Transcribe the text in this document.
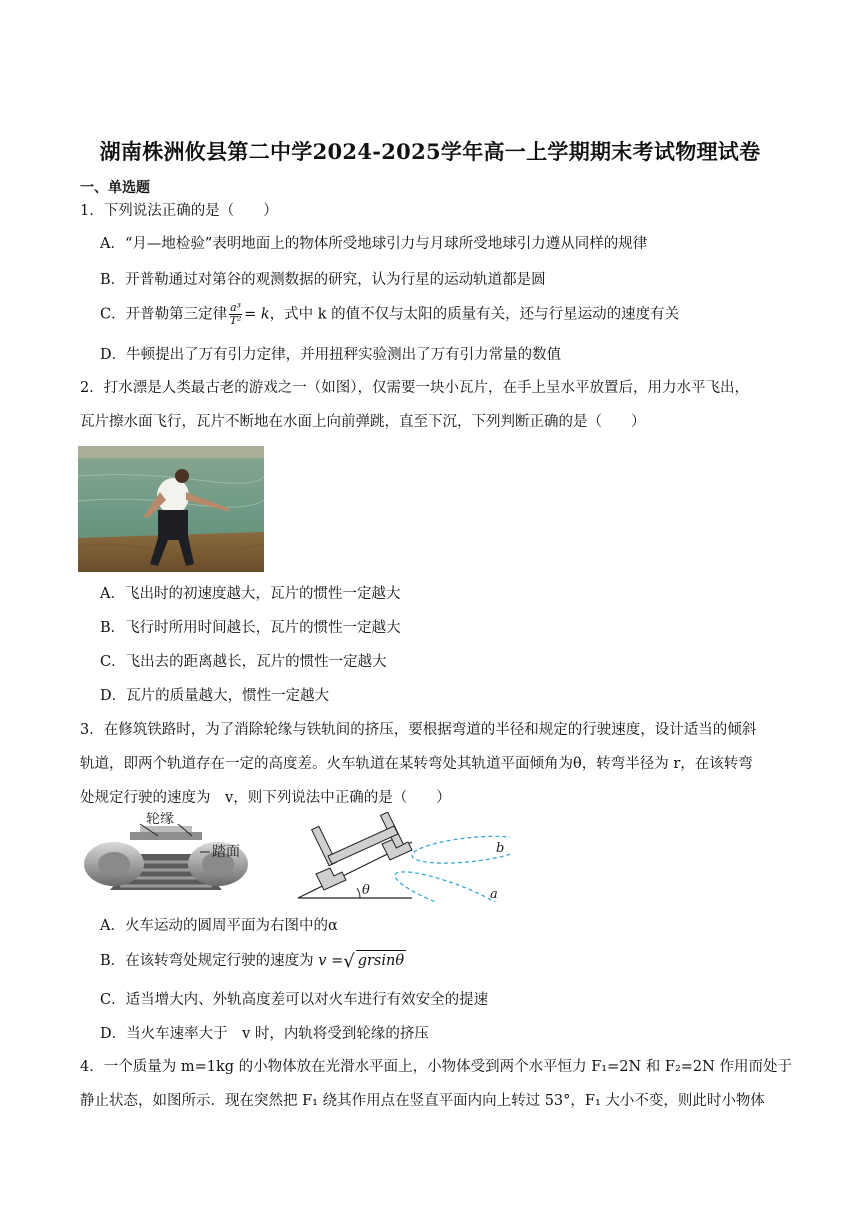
湖南株洲攸县第二中学2024-2025学年高一上学期期末考试物理试卷
一、单选题
1．下列说法正确的是（　　）
A．“月—地检验”表明地面上的物体所受地球引力与月球所受地球引力遵从同样的规律
B．开普勒通过对第谷的观测数据的研究，认为行星的运动轨道都是圆
C．开普勒第三定律 $\frac{\text{a³}}{\text{T²}} = k$，式中 k 的值不仅与太阳的质量有关，还与行星运动的速度有关
D．牛顿提出了万有引力定律，并用扭秤实验测出了万有引力常量的数值
2．打水漂是人类最古老的游戏之一（如图），仅需要一块小瓦片，在手上呈水平放置后，用力水平飞出，
瓦片擦水面飞行，瓦片不断地在水面上向前弹跳，直至下沉，下列判断正确的是（　　）
A．飞出时的初速度越大，瓦片的惯性一定越大
B．飞行时所用时间越长，瓦片的惯性一定越大
C．飞出去的距离越长，瓦片的惯性一定越大
D．瓦片的质量越大，惯性一定越大
3．在修筑铁路时，为了消除轮缘与铁轨间的挤压，要根据弯道的半径和规定的行驶速度，设计适当的倾斜
轨道，即两个轨道存在一定的高度差。火车轨道在某转弯处其轨道平面倾角为θ，转弯半径为 r，在该转弯
处规定行驶的速度为　v，则下列说法中正确的是（　　）
轮缘
踏面
θ
b
a
A．火车运动的圆周平面为右图中的α
B．在该转弯处规定行驶的速度为 v =√ grsinθ
C．适当增大内、外轨高度差可以对火车进行有效安全的提速
D．当火车速率大于　v 时，内轨将受到轮缘的挤压
4．一个质量为 m=1kg 的小物体放在光滑水平面上，小物体受到两个水平恒力 F₁=2N 和 F₂=2N 作用而处于
静止状态，如图所示．现在突然把 F₁ 绕其作用点在竖直平面内向上转过 53°，F₁ 大小不变，则此时小物体
